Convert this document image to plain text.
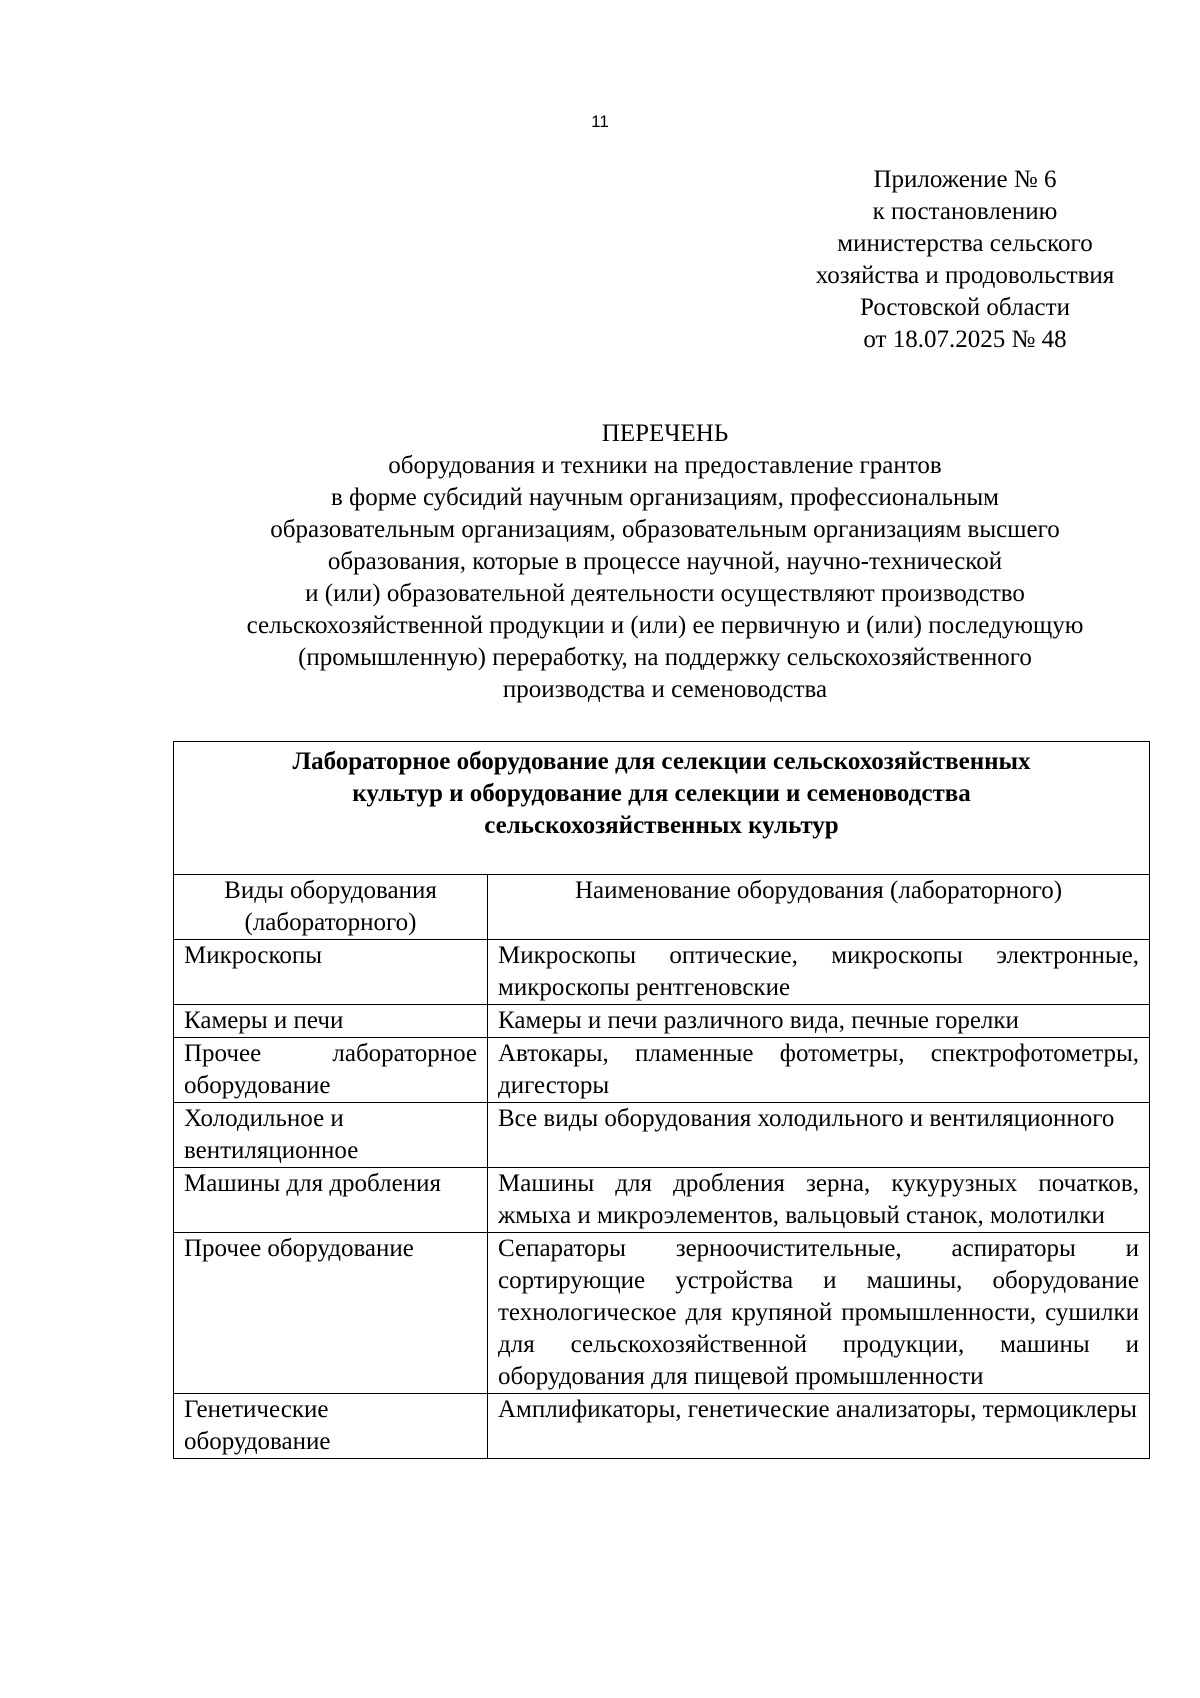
11
Приложение № 6
к постановлению
министерства сельского
хозяйства и продовольствия
Ростовской области
от 18.07.2025 № 48
ПЕРЕЧЕНЬ
оборудования и техники на предоставление грантов
в форме субсидий научным организациям, профессиональным
образовательным организациям, образовательным организациям высшего
образования, которые в процессе научной, научно-технической
и (или) образовательной деятельности осуществляют производство
сельскохозяйственной продукции и (или) ее первичную и (или) последующую
(промышленную) переработку, на поддержку сельскохозяйственного
производства и семеноводства
Лабораторное оборудование для селекции сельскохозяйственных
культур и оборудование для селекции и семеноводства
сельскохозяйственных культур	

Виды оборудования (лабораторного)	Наименование оборудования (лабораторного)
Микроскопы	Микроскопы оптические, микроскопы электронные, микроскопы рентгеновские
Камеры и печи	Камеры и печи различного вида, печные горелки
Прочее лабораторное оборудование	Автокары, пламенные фотометры, спектрофотометры, дигесторы
Холодильное и вентиляционное	Все виды оборудования холодильного и вентиляционного
Машины для дробления	Машины для дробления зерна, кукурузных початков, жмыха и микроэлементов, вальцовый станок, молотилки
Прочее оборудование	Сепараторы зерноочистительные, аспираторы и сортирующие устройства и машины, оборудование технологическое для крупяной промышленности, сушилки для сельскохозяйственной продукции, машины и оборудования для пищевой промышленности
Генетические оборудование	Амплификаторы, генетические анализаторы, термоциклеры
